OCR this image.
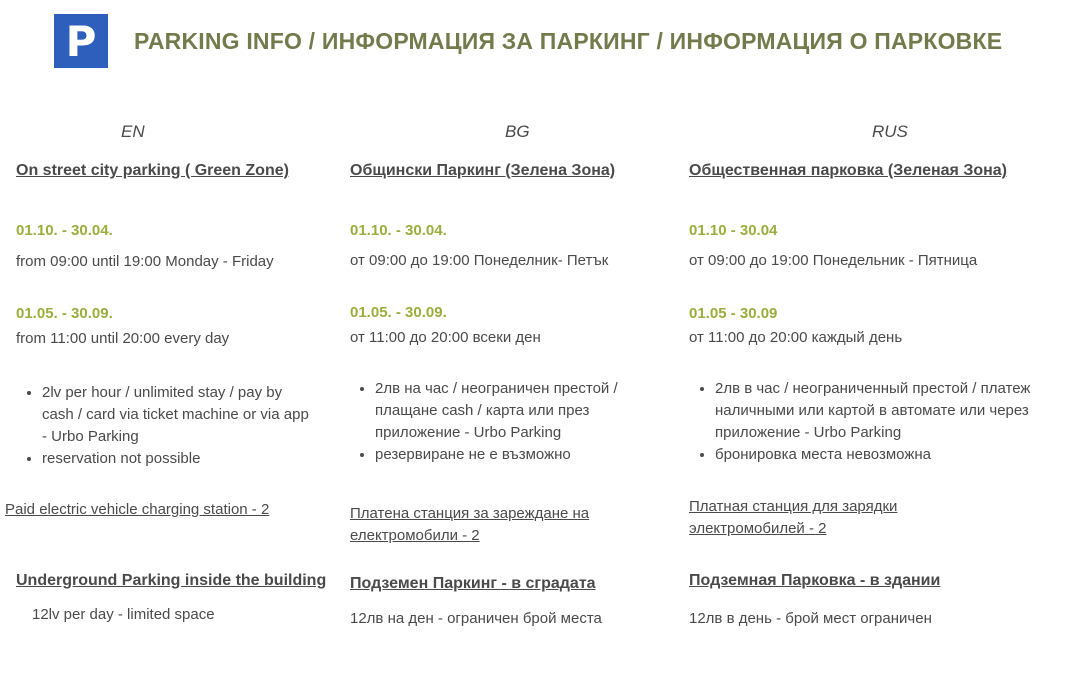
P	PARKING INFO / ИНФОРМАЦИЯ ЗА ПАРКИНГ / ИНФОРМАЦИЯ О ПАРКОВКЕ
EN
On street city parking ( Green Zone)
01.10. - 30.04.
from 09:00 until 19:00 Monday - Friday
01.05. - 30.09.
from 11:00 until 20:00 every day
• 2lv per hour / unlimited stay / pay by cash / card via ticket machine or via app - Urbo Parking
• reservation not possible
Paid electric vehicle charging station - 2
Underground Parking inside the building
12lv per day - limited space
BG
Общински Паркинг (Зелена Зона)
01.10. - 30.04.
от 09:00 до 19:00 Понеделник- Петък
01.05. - 30.09.
от 11:00 до 20:00 всеки ден
• 2лв на час / неограничен престой / плащане cash / карта или през приложение - Urbo Parking
• резервиране не е възможно
Платена станция за зареждане на електромобили - 2
Подземен Паркинг - в сградата
12лв на ден - ограничен брой места
RUS
Общественная парковка (Зеленая Зона)
01.10 - 30.04
от 09:00 до 19:00 Понедельник - Пятница
01.05 - 30.09
от 11:00 до 20:00 каждый день
• 2лв в час / неограниченный престой / платеж наличными или картой в автомате или через приложение - Urbo Parking
• бронировка места невозможна
Платная станция для зарядки электромобилей - 2
Подземная Парковка - в здании
12лв в день - брой мест ограничен
